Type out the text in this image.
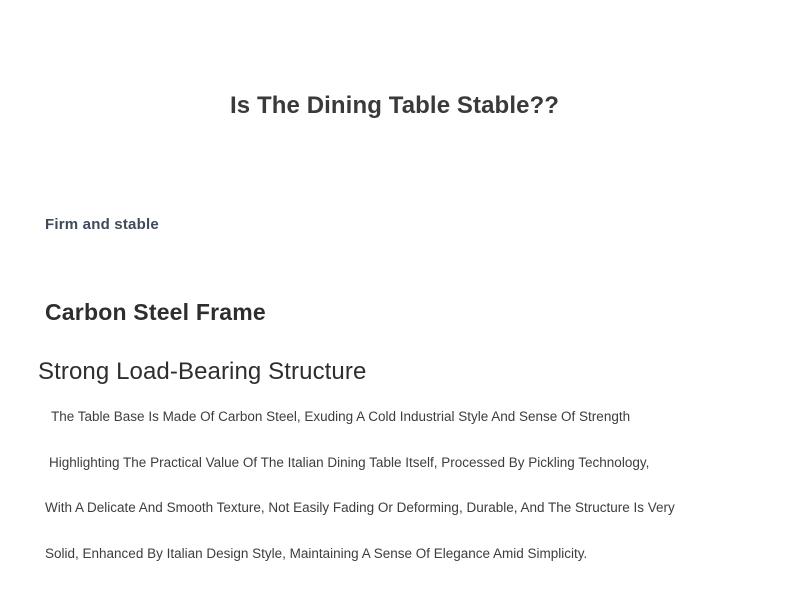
Is The Dining Table Stable??
Firm and stable
Carbon Steel Frame
Strong Load-Bearing Structure
The Table Base Is Made Of Carbon Steel, Exuding A Cold Industrial Style And Sense Of Strength
Highlighting The Practical Value Of The Italian Dining Table Itself, Processed By Pickling Technology,
With A Delicate And Smooth Texture, Not Easily Fading Or Deforming, Durable, And The Structure Is Very
Solid, Enhanced By Italian Design Style, Maintaining A Sense Of Elegance Amid Simplicity.
